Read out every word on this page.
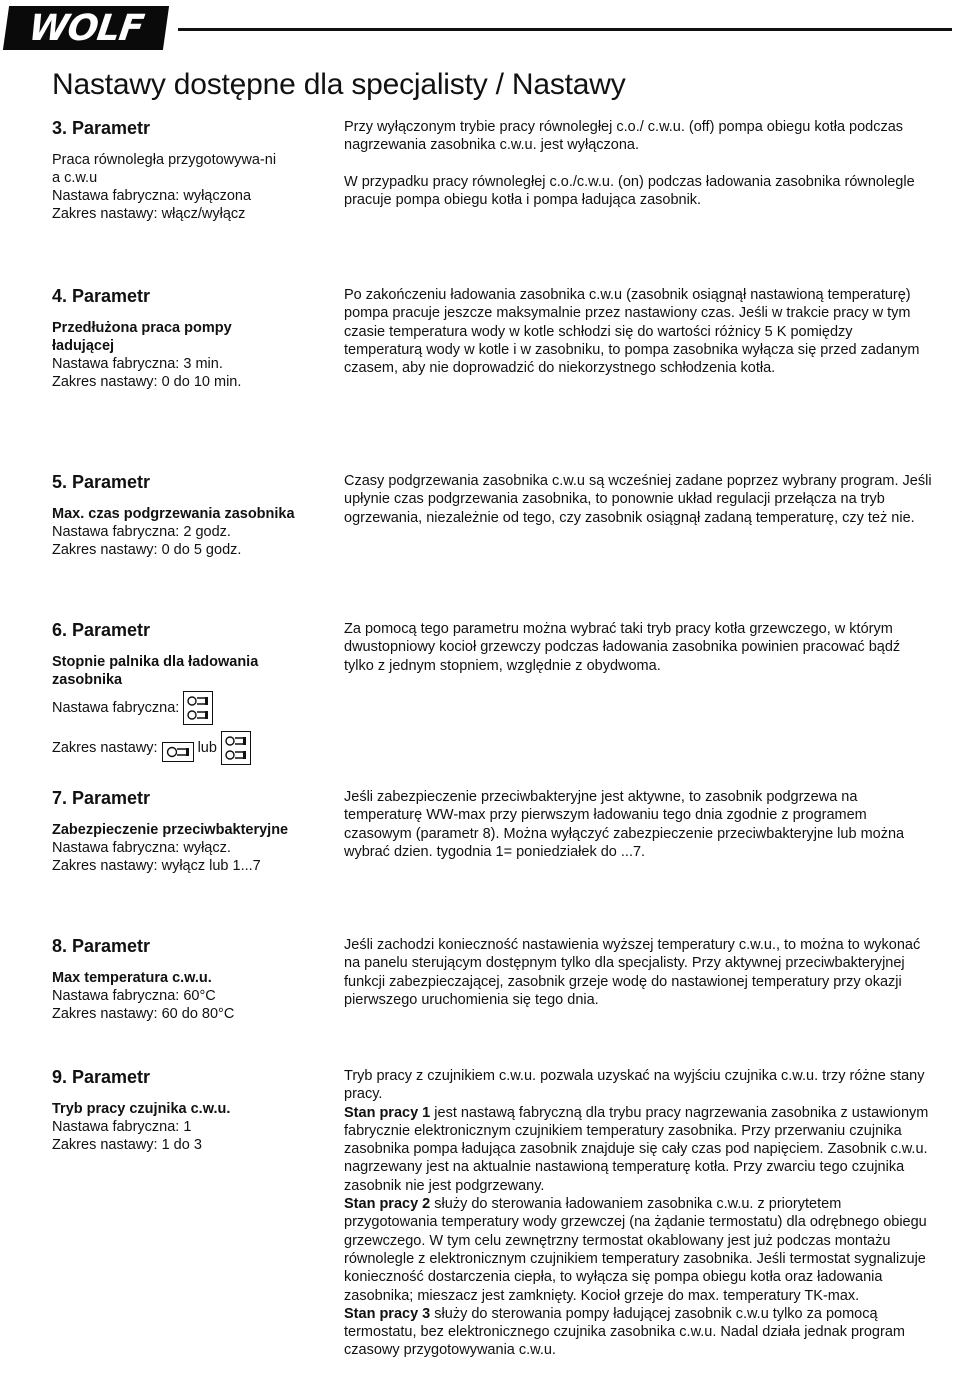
WOLF
Nastawy dostępne dla specjalisty / Nastawy
3. Parametr
Praca równoległa przygotowywa-nia c.w.u
Nastawa fabryczna: wyłączona
Zakres nastawy: włącz/wyłącz

Przy wyłączonym trybie pracy równoległej c.o./ c.w.u. (off) pompa obiegu kotła podczas nagrzewania zasobnika c.w.u. jest wyłączona.

W przypadku pracy równoległej c.o./c.w.u. (on) podczas ładowania zasobnika równolegle pracuje pompa obiegu kotła i pompa ładująca zasobnik.

4. Parametr
Przedłużona praca pompy ładującej
Nastawa fabryczna: 3 min.
Zakres nastawy: 0 do 10 min.

Po zakończeniu ładowania zasobnika c.w.u (zasobnik osiągnął nastawioną temperaturę) pompa pracuje jeszcze maksymalnie przez nastawiony czas. Jeśli w trakcie pracy w tym czasie temperatura wody w kotle schłodzi się do wartości różnicy 5 K pomiędzy temperaturą wody w kotle i w zasobniku, to pompa zasobnika wyłącza się przed zadanym czasem, aby nie doprowadzić do niekorzystnego schłodzenia kotła.

5. Parametr
Max. czas podgrzewania zasobnika
Nastawa fabryczna: 2 godz.
Zakres nastawy: 0 do 5 godz.

Czasy podgrzewania zasobnika c.w.u są wcześniej zadane poprzez wybrany program. Jeśli upłynie czas podgrzewania zasobnika, to ponownie układ regulacji przełącza na tryb ogrzewania, niezależnie od tego, czy zasobnik osiągnął zadaną temperaturę, czy też nie.

6. Parametr
Stopnie palnika dla ładowania zasobnika
Nastawa fabryczna:
Zakres nastawy:	lub

Za pomocą tego parametru można wybrać taki tryb pracy kotła grzewczego, w którym dwustopniowy kocioł grzewczy podczas ładowania zasobnika powinien pracować bądź tylko z jednym stopniem, względnie z obydwoma.

7. Parametr
Zabezpieczenie przeciwbakteryjne
Nastawa fabryczna: wyłącz.
Zakres nastawy: wyłącz lub 1...7

Jeśli zabezpieczenie przeciwbakteryjne jest aktywne, to zasobnik podgrzewa na temperaturę WW-max przy pierwszym ładowaniu tego dnia zgodnie z programem czasowym (parametr 8). Można wyłączyć zabezpieczenie przeciwbakteryjne lub można wybrać dzien. tygodnia 1= poniedziałek do ...7.

8. Parametr
Max temperatura c.w.u.
Nastawa fabryczna: 60°C
Zakres nastawy: 60 do 80°C

Jeśli zachodzi konieczność nastawienia wyższej temperatury c.w.u., to można to wykonać na panelu sterującym dostępnym tylko dla specjalisty. Przy aktywnej przeciwbakteryjnej funkcji zabezpieczającej, zasobnik grzeje wodę do nastawionej temperatury przy okazji pierwszego uruchomienia się tego dnia.

9. Parametr
Tryb pracy czujnika c.w.u.
Nastawa fabryczna: 1
Zakres nastawy: 1 do 3

Tryb pracy z czujnikiem c.w.u. pozwala uzyskać na wyjściu czujnika c.w.u. trzy różne stany pracy.

Stan pracy 1 jest nastawą fabryczną dla trybu pracy nagrzewania zasobnika z ustawionym fabrycznie elektronicznym czujnikiem temperatury zasobnika. Przy przerwaniu czujnika zasobnika pompa ładująca zasobnik znajduje się cały czas pod napięciem. Zasobnik c.w.u. nagrzewany jest na aktualnie nastawioną temperaturę kotła. Przy zwarciu tego czujnika zasobnik nie jest podgrzewany.

Stan pracy 2 służy do sterowania ładowaniem zasobnika c.w.u. z priorytetem przygotowania temperatury wody grzewczej (na żądanie termostatu) dla odrębnego obiegu grzewczego. W tym celu zewnętrzny termostat okablowany jest już podczas montażu równolegle z elektronicznym czujnikiem temperatury zasobnika. Jeśli termostat sygnalizuje konieczność dostarczenia ciepła, to wyłącza się pompa obiegu kotła oraz ładowania zasobnika; mieszacz jest zamknięty. Kocioł grzeje do max. temperatury TK-max.

Stan pracy 3 służy do sterowania pompy ładującej zasobnik c.w.u tylko za pomocą termostatu, bez elektronicznego czujnika zasobnika c.w.u. Nadal działa jednak program czasowy przygotowywania c.w.u.
